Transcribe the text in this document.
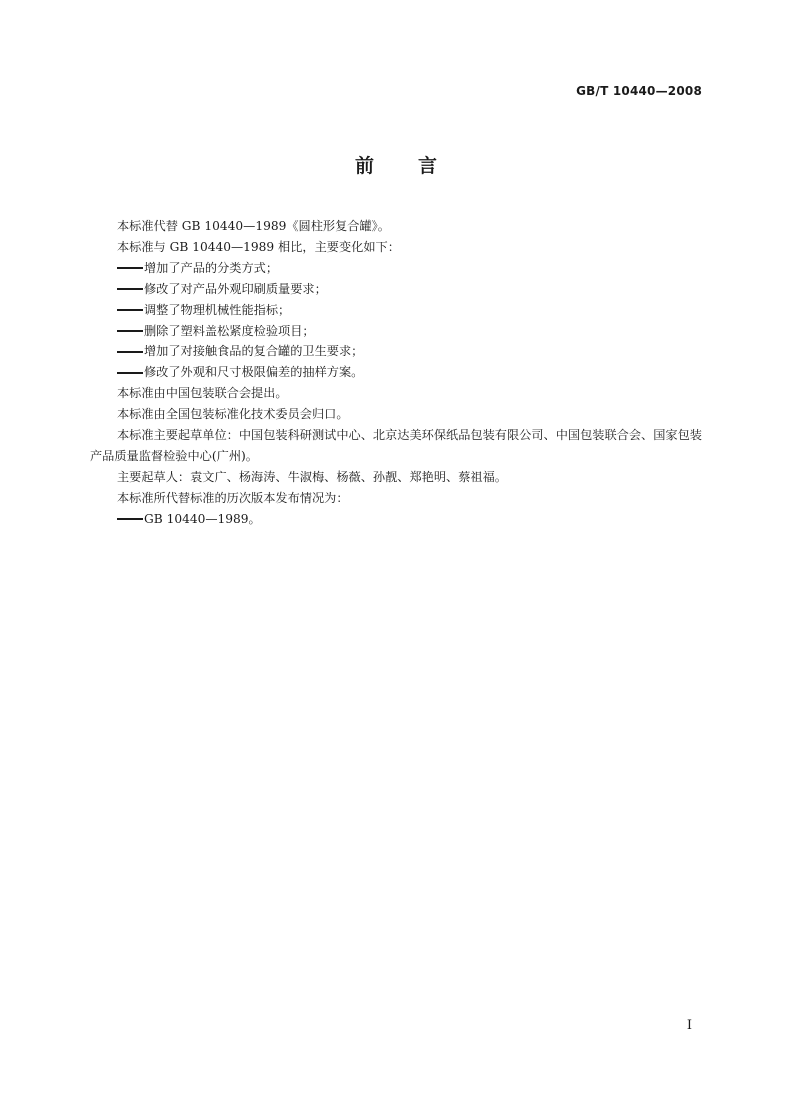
GB/T 10440—2008
前 言

本标准代替 GB 10440—1989《圆柱形复合罐》。

本标准与 GB 10440—1989 相比，主要变化如下：

增加了产品的分类方式；

修改了对产品外观印刷质量要求；

调整了物理机械性能指标；

删除了塑料盖松紧度检验项目；

增加了对接触食品的复合罐的卫生要求；

修改了外观和尺寸极限偏差的抽样方案。

本标准由中国包装联合会提出。

本标准由全国包装标准化技术委员会归口。

本标准主要起草单位：中国包装科研测试中心、北京达美环保纸品包装有限公司、中国包装联合会、国家包装产品质量监督检验中心(广州)。

主要起草人：袁文广、杨海涛、牛淑梅、杨薇、孙靓、郑艳明、蔡祖福。

本标准所代替标准的历次版本发布情况为：

GB 10440—1989。

I
